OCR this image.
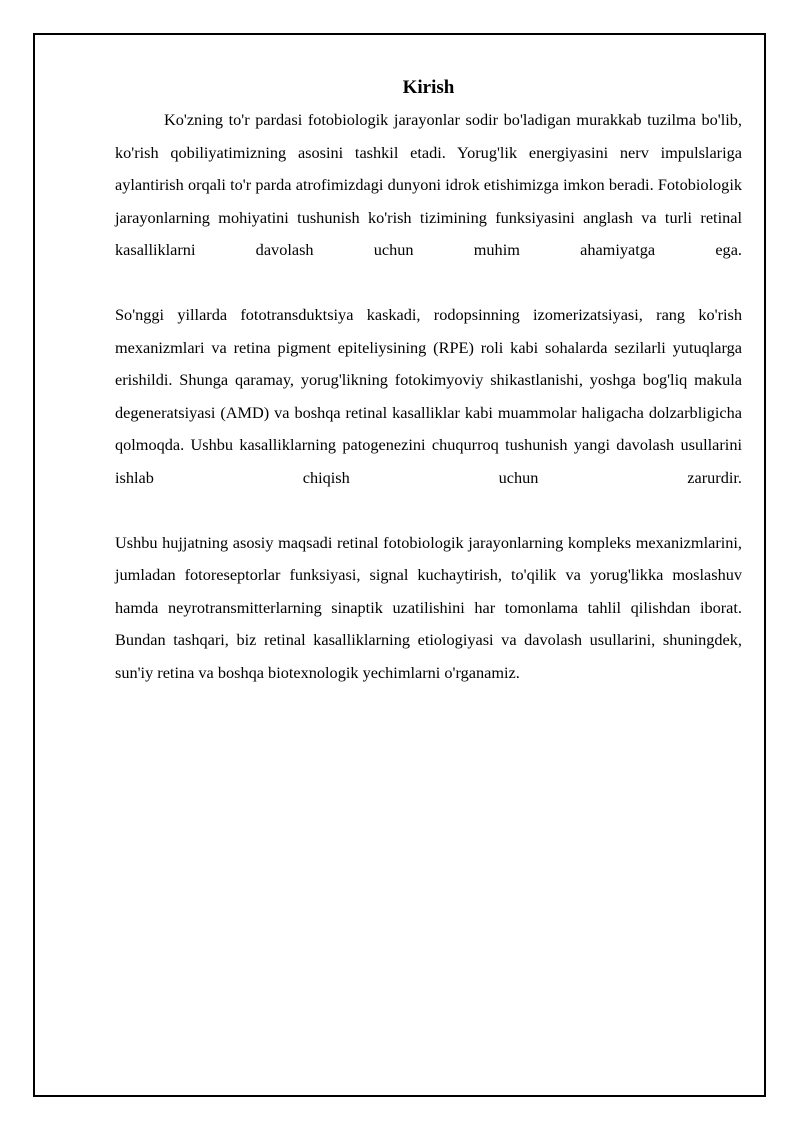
Kirish

Ko'zning to'r pardasi fotobiologik jarayonlar sodir bo'ladigan murakkab tuzilma bo'lib, ko'rish qobiliyatimizning asosini tashkil etadi. Yorug'lik energiyasini nerv impulslariga aylantirish orqali to'r parda atrofimizdagi dunyoni idrok etishimizga imkon beradi. Fotobiologik jarayonlarning mohiyatini tushunish ko'rish tizimining funksiyasini anglash va turli retinal kasalliklarni davolash uchun muhim ahamiyatga ega.

So'nggi yillarda fototransduktsiya kaskadi, rodopsinning izomerizatsiyasi, rang ko'rish mexanizmlari va retina pigment epiteliysining (RPE) roli kabi sohalarda sezilarli yutuqlarga erishildi. Shunga qaramay, yorug'likning fotokimyoviy shikastlanishi, yoshga bog'liq makula degeneratsiyasi (AMD) va boshqa retinal kasalliklar kabi muammolar haligacha dolzarbligicha qolmoqda. Ushbu kasalliklarning patogenezini chuqurroq tushunish yangi davolash usullarini ishlab chiqish uchun zarurdir.

Ushbu hujjatning asosiy maqsadi retinal fotobiologik jarayonlarning kompleks mexanizmlarini, jumladan fotoreseptorlar funksiyasi, signal kuchaytirish, to'qilik va yorug'likka moslashuv hamda neyrotransmitterlarning sinaptik uzatilishini har tomonlama tahlil qilishdan iborat. Bundan tashqari, biz retinal kasalliklarning etiologiyasi va davolash usullarini, shuningdek, sun'iy retina va boshqa biotexnologik yechimlarni o'rganamiz.
